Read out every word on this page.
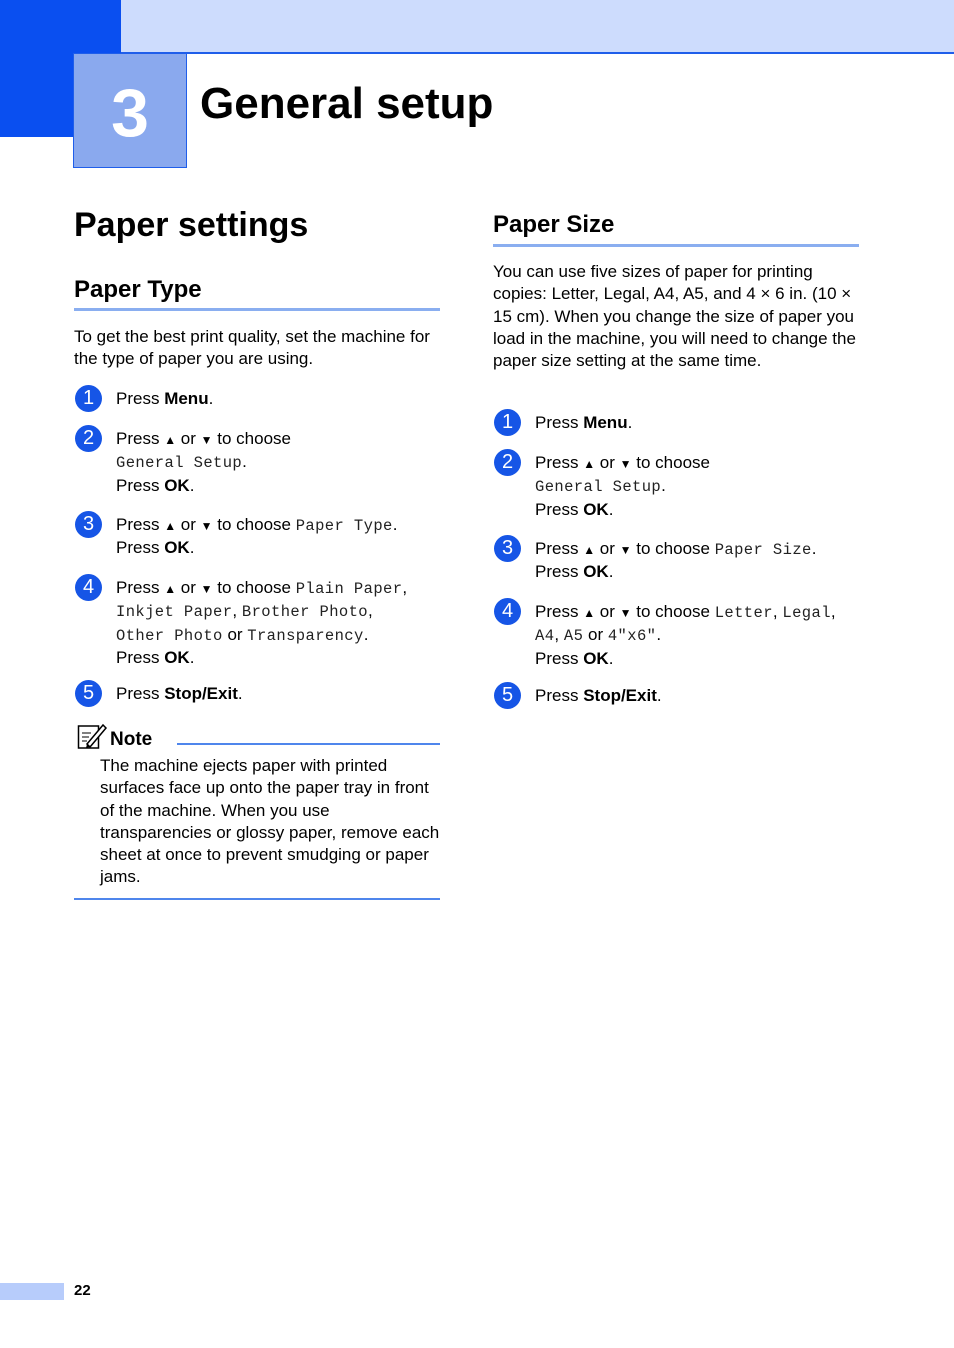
3 General setup
Paper settings
Paper Type

To get the best print quality, set the machine for the type of paper you are using.

1	Press Menu.
2	Press ▲ or ▼ to choose
General Setup.
Press OK.
3	Press ▲ or ▼ to choose Paper Type.
Press OK.
4	Press ▲ or ▼ to choose Plain Paper,
Inkjet Paper, Brother Photo,
Other Photo or Transparency.
Press OK.
5	Press Stop/Exit.

Note

The machine ejects paper with printed surfaces face up onto the paper tray in front of the machine. When you use transparencies or glossy paper, remove each sheet at once to prevent smudging or paper jams.

Paper Size

You can use five sizes of paper for printing copies: Letter, Legal, A4, A5, and 4 × 6 in. (10 × 15 cm). When you change the size of paper you load in the machine, you will need to change the paper size setting at the same time.

1	Press Menu.
2	Press ▲ or ▼ to choose
General Setup.
Press OK.
3	Press ▲ or ▼ to choose Paper Size.
Press OK.
4	Press ▲ or ▼ to choose Letter, Legal,
A4, A5 or 4"x6".
Press OK.
5	Press Stop/Exit.
22
